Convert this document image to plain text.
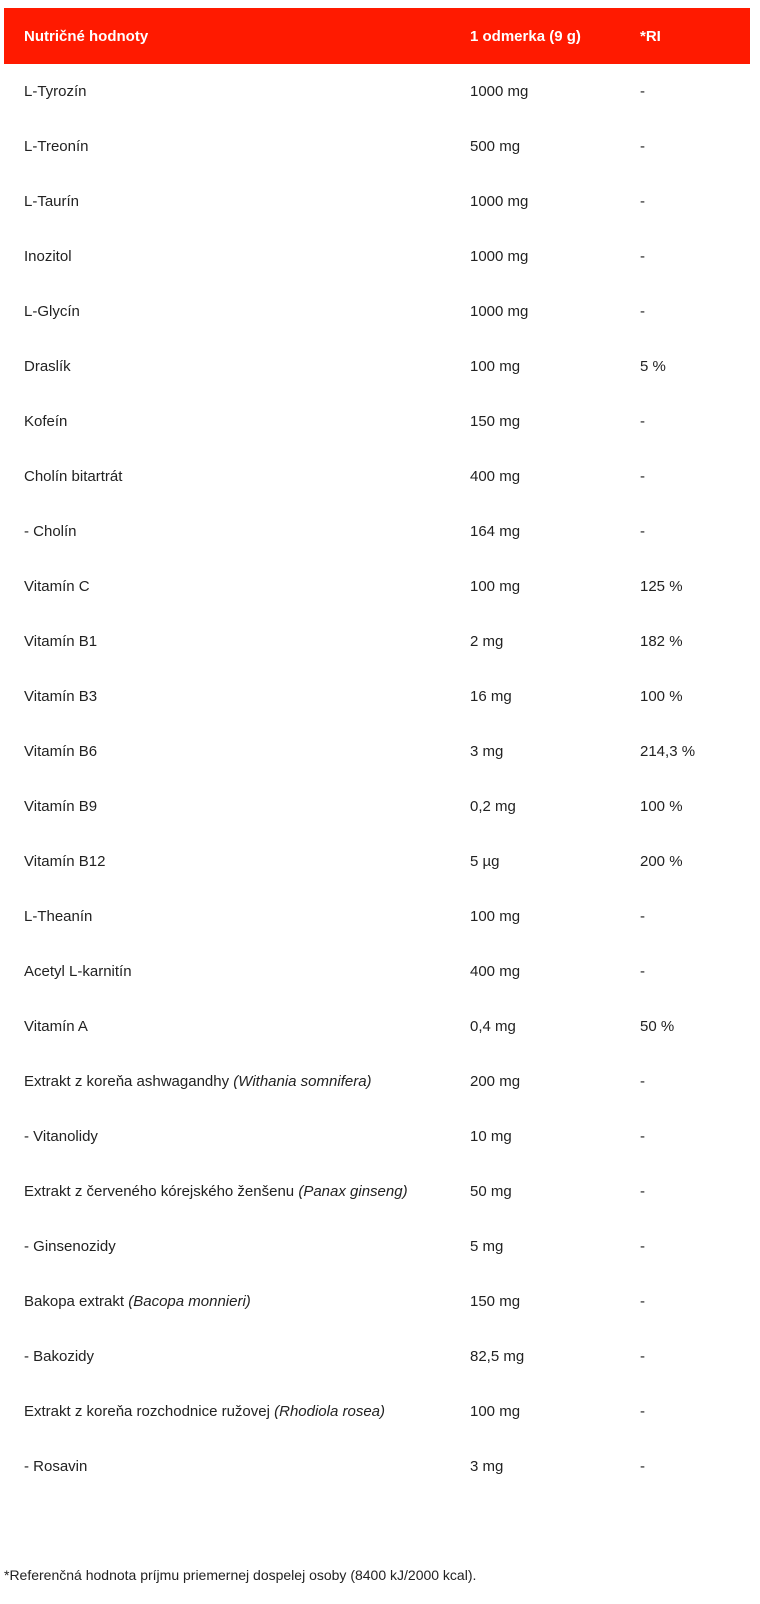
Nutričné hodnoty	1 odmerka (9 g)	*RI
L-Tyrozín	1000 mg	-
L-Treonín	500 mg	-
L-Taurín	1000 mg	-
Inozitol	1000 mg	-
L-Glycín	1000 mg	-
Draslík	100 mg	5 %
Kofeín	150 mg	-
Cholín bitartrát	400 mg	-
- Cholín	164 mg	-
Vitamín C	100 mg	125 %
Vitamín B1	2 mg	182 %
Vitamín B3	16 mg	100 %
Vitamín B6	3 mg	214,3 %
Vitamín B9	0,2 mg	100 %
Vitamín B12	5 µg	200 %
L-Theanín	100 mg	-
Acetyl L-karnitín	400 mg	-
Vitamín A	0,4 mg	50 %
Extrakt z koreňa ashwagandhy (Withania somnifera)	200 mg	-
- Vitanolidy	10 mg	-
Extrakt z červeného kórejského ženšenu (Panax ginseng)	50 mg	-
- Ginsenozidy	5 mg	-
Bakopa extrakt (Bacopa monnieri)	150 mg	-
- Bakozidy	82,5 mg	-
Extrakt z koreňa rozchodnice ružovej (Rhodiola rosea)	100 mg	-
- Rosavin	3 mg	-
*Referenčná hodnota príjmu priemernej dospelej osoby (8400 kJ/2000 kcal).
